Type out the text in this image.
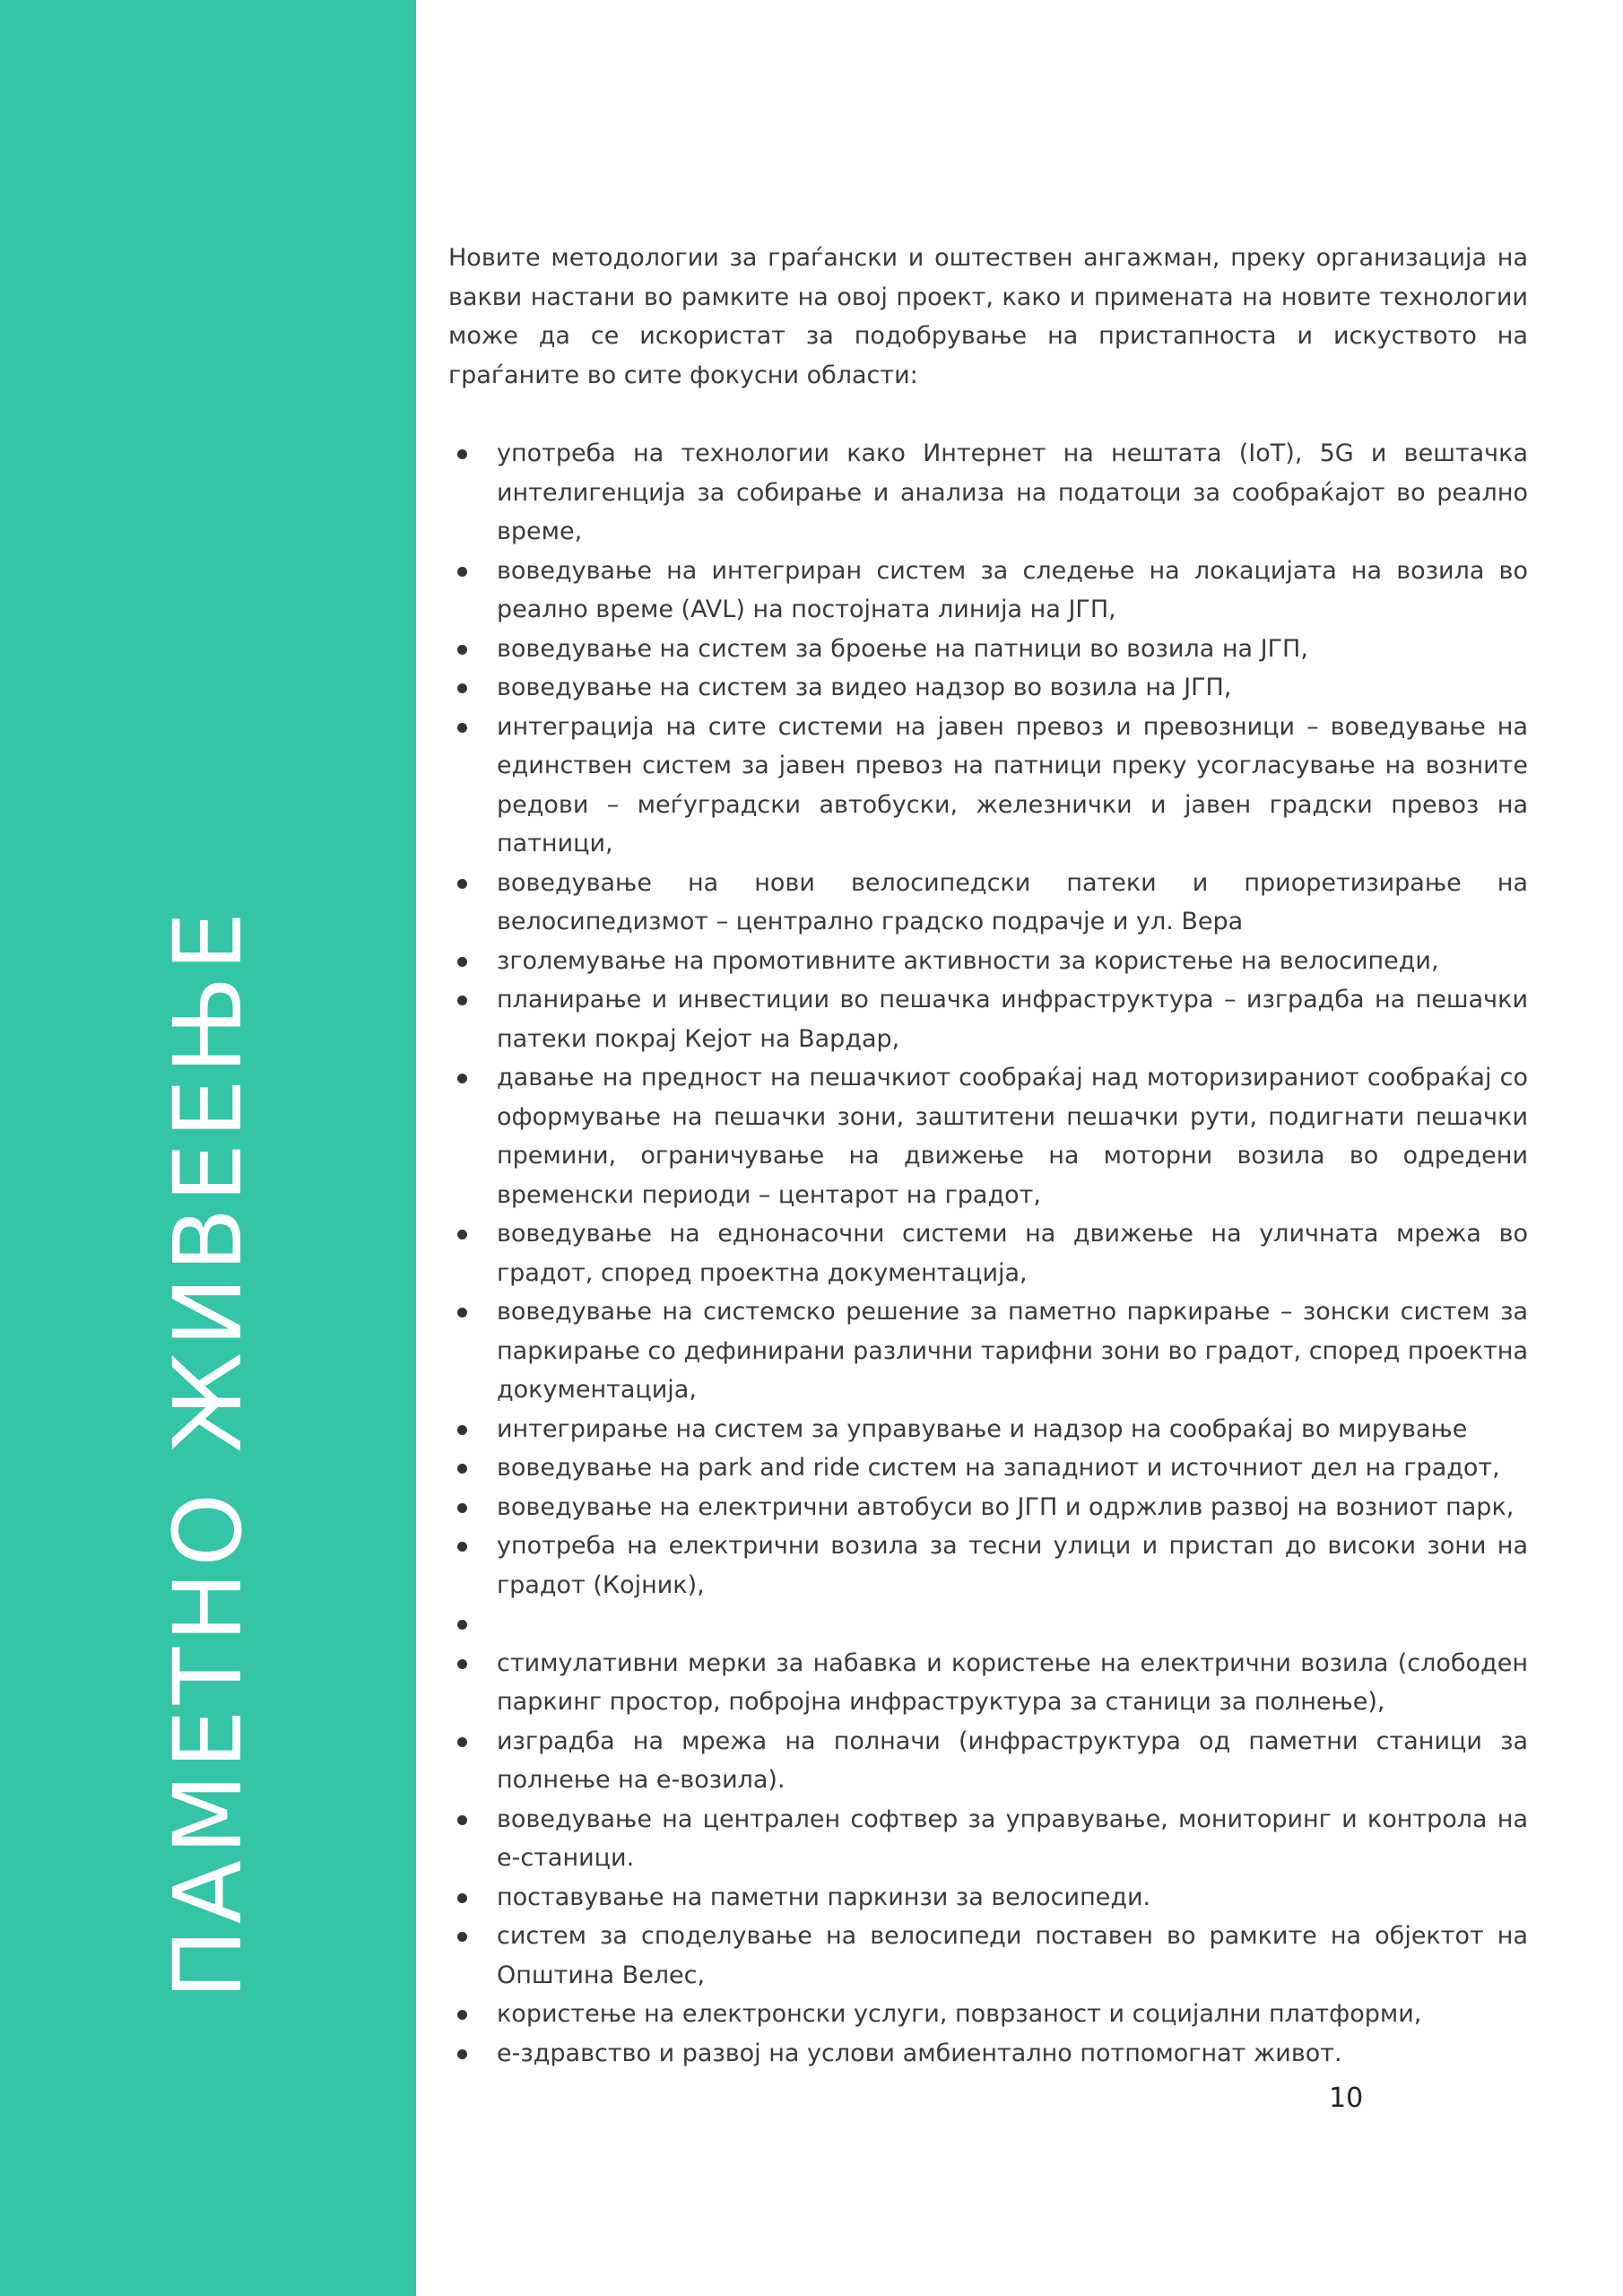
ПАМЕТНО ЖИВЕЕЊЕ

Новите методологии за граѓански и оштествен ангажман, преку организација на вакви настани во рамките на овој проект, како и примената на новите технологии може да се искористат за подобрување на пристапноста и искуството на граѓаните во сите фокусни области:

употреба на технологии како Интернет на нештата (IoT), 5G и вештачка интелигенција за собирање и анализа на податоци за сообраќајот во реално време,
воведување на интегриран систем за следење на локацијата на возила во реално време (AVL) на постојната линија на ЈГП,
воведување на систем за броење на патници во возила на ЈГП,
воведување на систем за видео надзор во возила на ЈГП,
интеграција на сите системи на јавен превоз и превозници – воведување на единствен систем за јавен превоз на патници преку усогласување на возните редови – меѓуградски автобуски, железнички и јавен градски превоз на патници,
воведување на нови велосипедски патеки и приоретизирање на велосипедизмот – централно градско подрачје и ул. Вера
зголемување на промотивните активности за користење на велосипеди,
планирање и инвестиции во пешачка инфраструктура – изградба на пешачки патеки покрај Кејот на Вардар,
давање на предност на пешачкиот сообраќај над моторизираниот сообраќај со оформување на пешачки зони, заштитени пешачки рути, подигнати пешачки премини, ограничување на движење на моторни возила во одредени временски периоди – центарот на градот,
воведување на еднонасочни системи на движење на уличната мрежа во градот, според проектна документација,
воведување на системско решение за паметно паркирање – зонски систем за паркирање со дефинирани различни тарифни зони во градот, според проектна документација,
интегрирање на систем за управување и надзор на сообраќај во мирување
воведување на park and ride систем на западниот и источниот дел на градот,
воведување на електрични автобуси во ЈГП и одржлив развој на возниот парк,
употреба на електрични возила за тесни улици и пристап до високи зони на градот (Којник),
стимулативни мерки за набавка и користење на електрични возила (слободен паркинг простор, побројна инфраструктура за станици за полнење),
изградба на мрежа на полначи (инфраструктура од паметни станици за полнење на е-возила).
воведување на централен софтвер за управување, мониторинг и контрола на е-станици.
поставување на паметни паркинзи за велосипеди.
систем за споделување на велосипеди поставен во рамките на објектот на Општина Велес,
користење на електронски услуги, поврзаност и социјални платформи,
е-здравство и развој на услови амбиентално потпомогнат живот.
10
